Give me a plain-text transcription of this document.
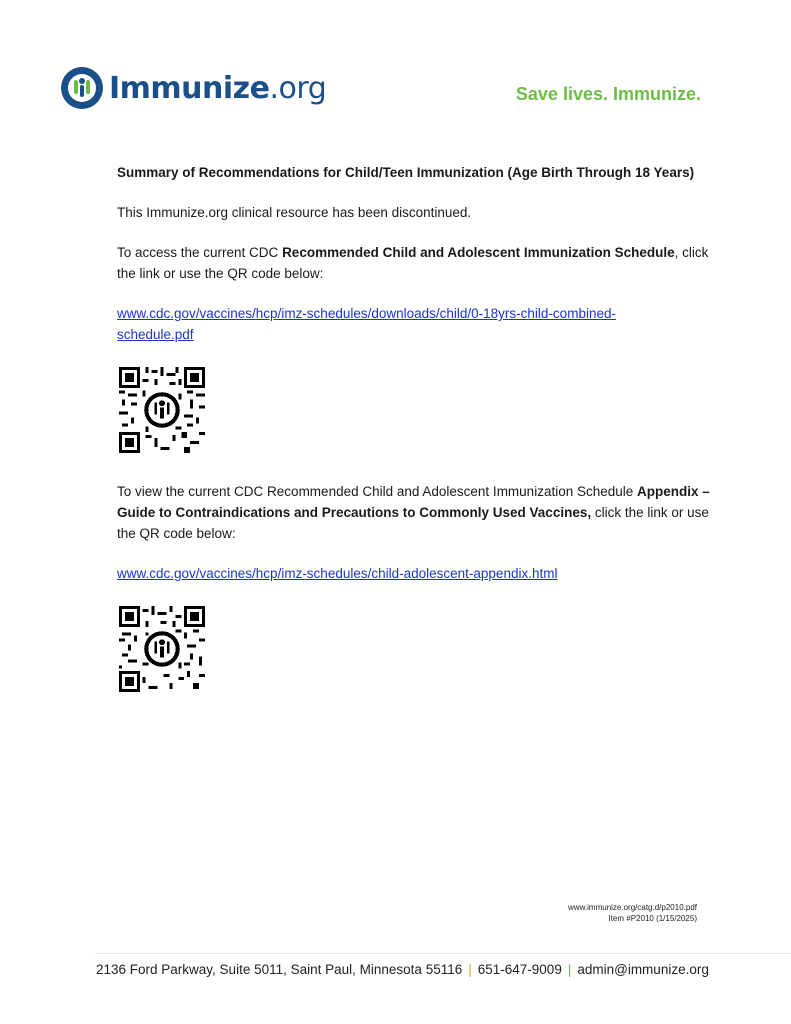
Immunize.org	Save lives. Immunize.

Summary of Recommendations for Child/Teen Immunization (Age Birth Through 18 Years)

This Immunize.org clinical resource has been discontinued.

To access the current CDC Recommended Child and Adolescent Immunization Schedule, click the link or use the QR code below:

www.cdc.gov/vaccines/hcp/imz-schedules/downloads/child/0-18yrs-child-combined-
schedule.pdf

To view the current CDC Recommended Child and Adolescent Immunization Schedule Appendix – Guide to Contraindications and Precautions to Commonly Used Vaccines, click the link or use the QR code below:

www.cdc.gov/vaccines/hcp/imz-schedules/child-adolescent-appendix.html

www.immunize.org/catg.d/p2010.pdf
Item #P2010 (1/15/2025)
2136 Ford Parkway, Suite 5011, Saint Paul, Minnesota 55116 | 651-647-9009 | admin@immunize.org
